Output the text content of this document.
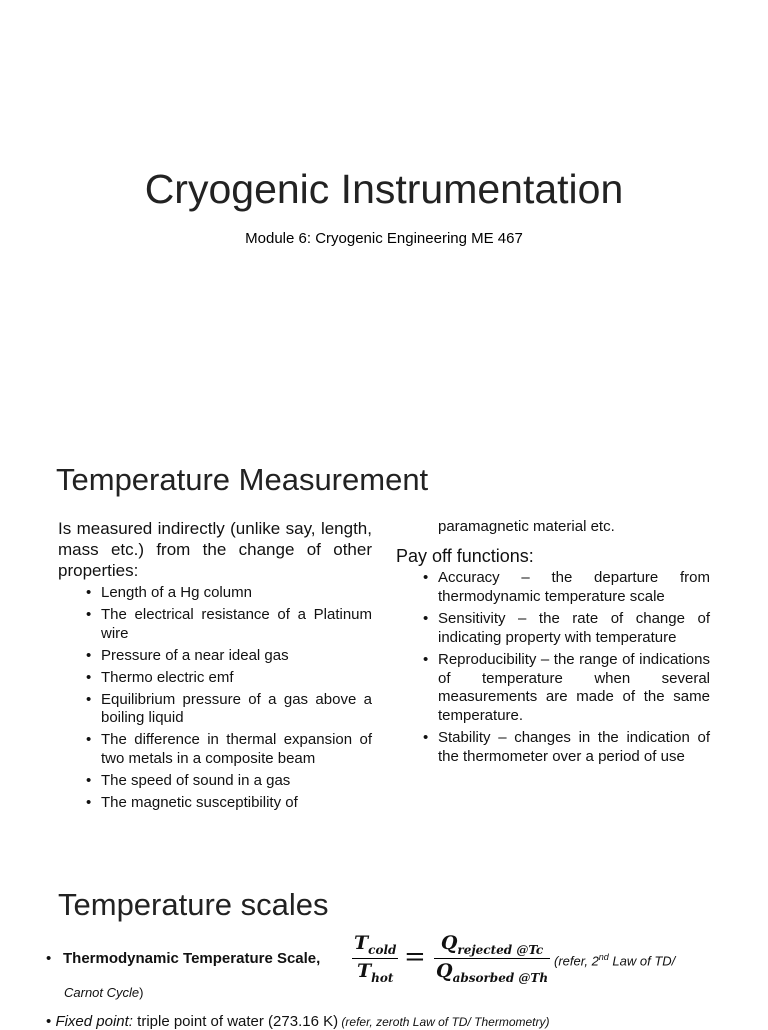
Cryogenic Instrumentation
Module 6: Cryogenic Engineering ME 467
Temperature Measurement

Is measured indirectly (unlike say, length, mass etc.) from the change of other properties:

• Length of a Hg column
• The electrical resistance of a Platinum wire
• Pressure of a near ideal gas
• Thermo electric emf
• Equilibrium pressure of a gas above a boiling liquid
• The difference in thermal expansion of two metals in a composite beam
• The speed of sound in a gas
• The magnetic susceptibility of

paramagnetic material etc.

Pay off functions:

• Accuracy – the departure from thermodynamic temperature scale
• Sensitivity – the rate of change of indicating property with temperature
• Reproducibility – the range of indications of temperature when several measurements are made of the same temperature.
• Stability – changes in the indication of the thermometer over a period of use
Temperature scales
• Thermodynamic Temperature Scale,
$T_{cold}$
$T_{hot}$
= $Q_{rejected @Tc}$
$Q_{absorbed @Th}$
(refer, 2nd Law of TD/
Carnot Cycle)
• Fixed point: triple point of water (273.16 K) (refer, zeroth Law of TD/ Thermometry)
